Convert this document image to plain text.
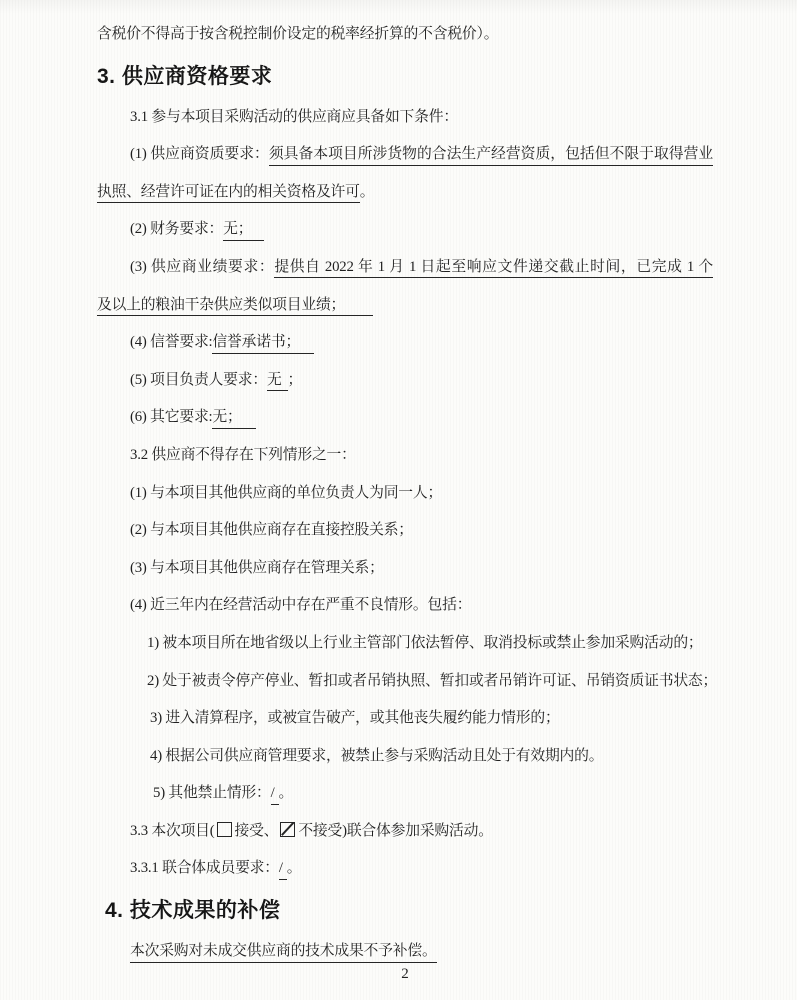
含税价不得高于按含税控制价设定的税率经折算的不含税价）。
3. 供应商资格要求
3.1 参与本项目采购活动的供应商应具备如下条件：
(1) 供应商资质要求：须具备本项目所涉货物的合法生产经营资质，包括但不限于取得营业
执照、经营许可证在内的相关资格及许可。
(2) 财务要求：无；
(3) 供应商业绩要求：提供自 2022 年 1 月 1 日起至响应文件递交截止时间，已完成 1 个
及以上的粮油干杂供应类似项目业绩；
(4) 信誉要求:信誉承诺书；
(5) 项目负责人要求：无 ；
(6) 其它要求:无；
3.2 供应商不得存在下列情形之一：
(1) 与本项目其他供应商的单位负责人为同一人；
(2) 与本项目其他供应商存在直接控股关系；
(3) 与本项目其他供应商存在管理关系；
(4) 近三年内在经营活动中存在严重不良情形。包括：
1) 被本项目所在地省级以上行业主管部门依法暂停、取消投标或禁止参加采购活动的；
2) 处于被责令停产停业、暂扣或者吊销执照、暂扣或者吊销许可证、吊销资质证书状态；
3) 进入清算程序，或被宣告破产，或其他丧失履约能力情形的；
4) 根据公司供应商管理要求，被禁止参与采购活动且处于有效期内的。
5) 其他禁止情形：/ 。
3.3 本次项目( 接受、 不接受)联合体参加采购活动。
3.3.1 联合体成员要求：/ 。
4. 技术成果的补偿
本次采购对未成交供应商的技术成果不予补偿。
2
